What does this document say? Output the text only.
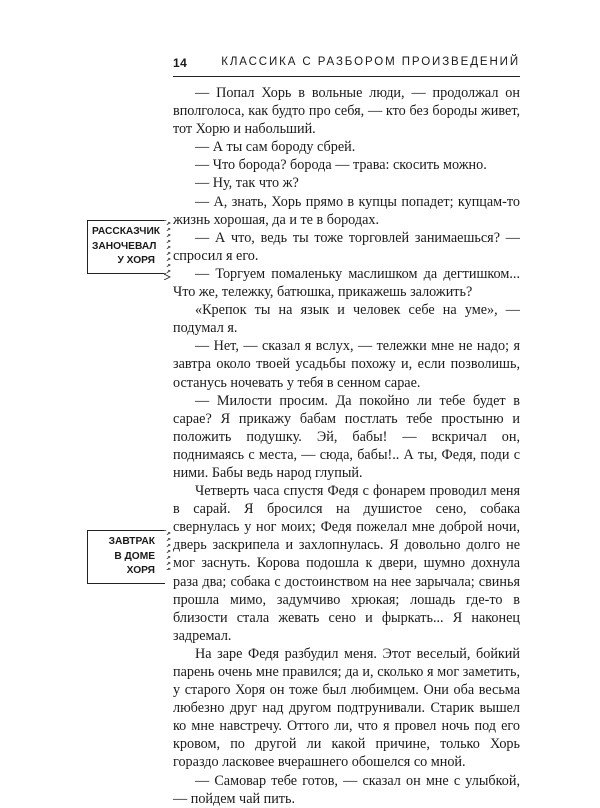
14	КЛАССИКА С РАЗБОРОМ ПРОИЗВЕДЕНИЙ
РАССКАЗЧИК
ЗАНОЧЕВАЛ
У ХОРЯ
ЗАВТРАК
В ДОМЕ ХОРЯ

— Попал Хорь в вольные люди, — продолжал он вполголоса, как будто про себя, — кто без бороды живет, тот Хорю и набольший.

— А ты сам бороду сбрей.

— Что борода? борода — трава: скосить можно.

— Ну, так что ж?

— А, знать, Хорь прямо в купцы попадет; купцам-то жизнь хорошая, да и те в бородах.

— А что, ведь ты тоже торговлей занимаешься? — спросил я его.

— Торгуем помаленьку маслишком да дегтишком... Что же, тележку, батюшка, прикажешь заложить?

«Крепок ты на язык и человек себе на уме», — подумал я.

— Нет, — сказал я вслух, — тележки мне не надо; я завтра около твоей усадьбы похожу и, если позволишь, останусь ночевать у тебя в сенном сарае.

— Милости просим. Да покойно ли тебе будет в сарае? Я прикажу бабам постлать тебе простыню и положить подушку. Эй, бабы! — вскричал он, поднимаясь с места, — сюда, бабы!.. А ты, Федя, поди с ними. Бабы ведь народ глупый.

Четверть часа спустя Федя с фонарем проводил меня в сарай. Я бросился на душистое сено, собака свернулась у ног моих; Федя пожелал мне доброй ночи, дверь заскрипела и захлопнулась. Я довольно долго не мог заснуть. Корова подошла к двери, шумно дохнула раза два; собака с достоинством на нее зарычала; свинья прошла мимо, задумчиво хрюкая; лошадь где-то в близости стала жевать сено и фыркать... Я наконец задремал.

На заре Федя разбудил меня. Этот веселый, бойкий парень очень мне правился; да и, сколько я мог заметить, у старого Хоря он тоже был любимцем. Они оба весьма любезно друг над другом подтрунивали. Старик вышел ко мне навстречу. Оттого ли, что я провел ночь под его кровом, по другой ли какой причине, только Хорь гораздо ласковее вчерашнего обошелся со мной.

— Самовар тебе готов, — сказал он мне с улыбкой, — пойдем чай пить.
